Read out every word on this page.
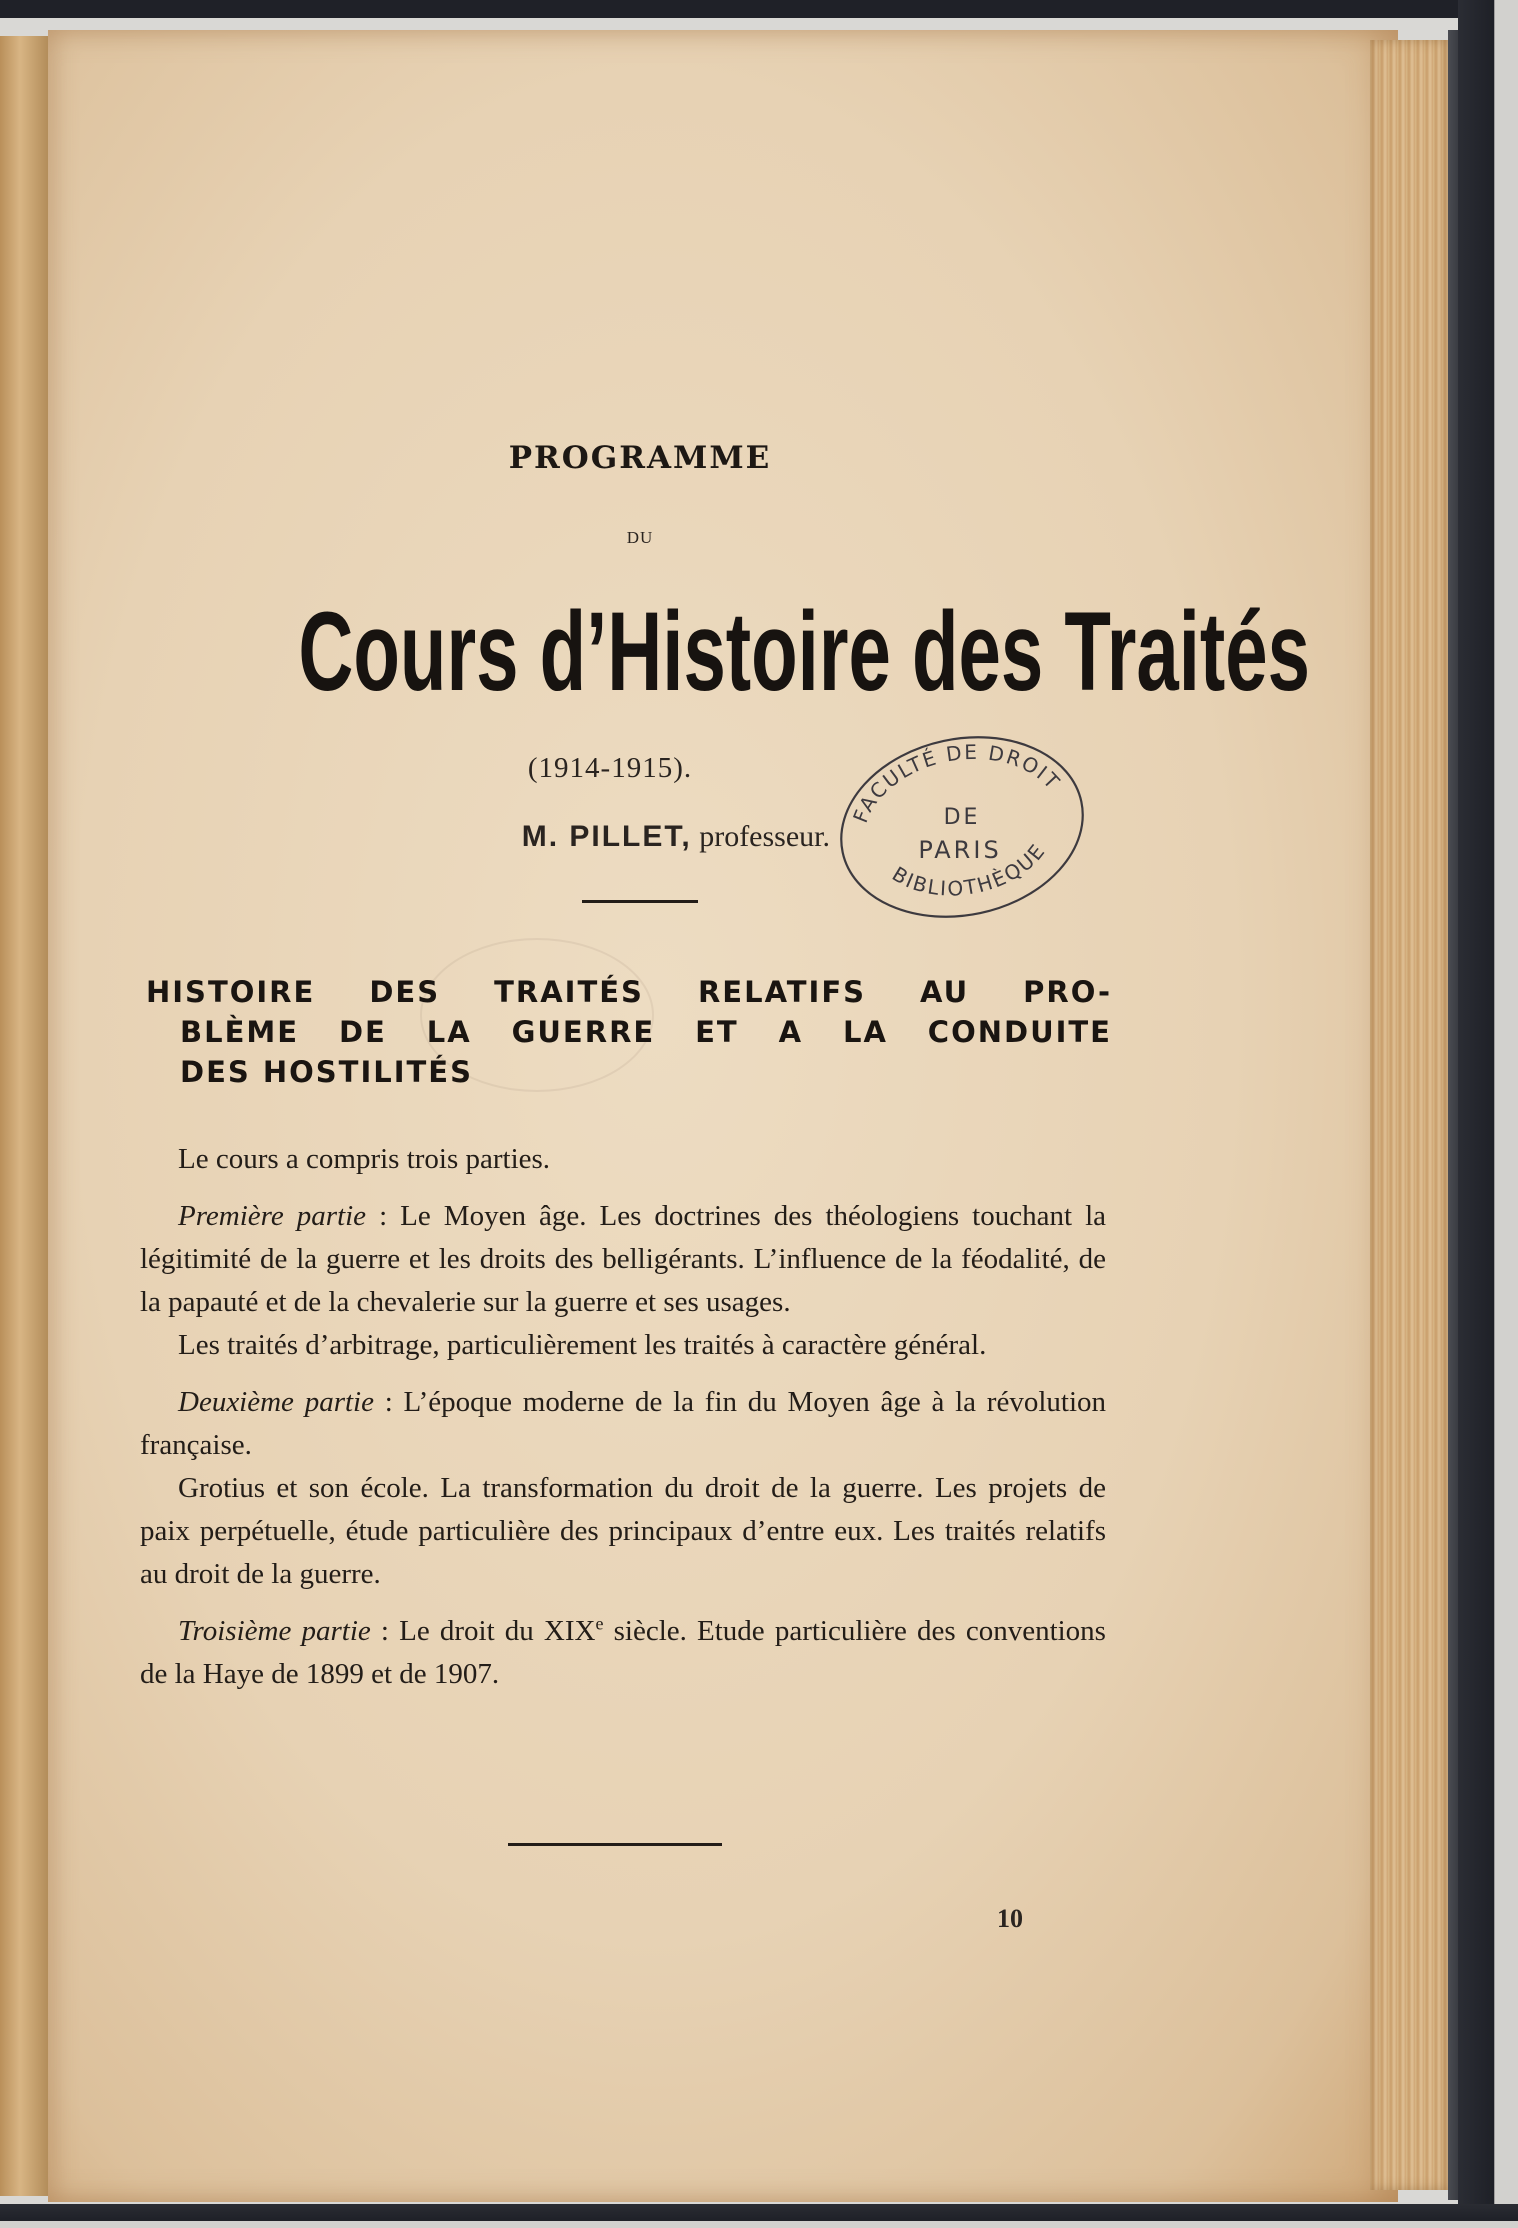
PROGRAMME
DU
Cours d’Histoire des Traités
(1914-1915).
M. PILLET, professeur.
FACULTÉ DE DROIT
DE
PARIS
BIBLIOTHÈQUE
HISTOIRE DES TRAITÉS RELATIFS AU PRO-
BLÈME DE LA GUERRE ET A LA CONDUITE
DES HOSTILITÉS

Le cours a compris trois parties.

Première partie : Le Moyen âge. Les doctrines des théologiens touchant la légitimité de la guerre et les droits des belligérants. L’influence de la féodalité, de la papauté et de la chevalerie sur la guerre et ses usages.

Les traités d’arbitrage, particulièrement les traités à caractère général.

Deuxième partie : L’époque moderne de la fin du Moyen âge à la révolution française.

Grotius et son école. La transformation du droit de la guerre. Les projets de paix perpétuelle, étude particulière des principaux d’entre eux. Les traités relatifs au droit de la guerre.

Troisième partie : Le droit du XIXe siècle. Etude particulière des conventions de la Haye de 1899 et de 1907.

10
